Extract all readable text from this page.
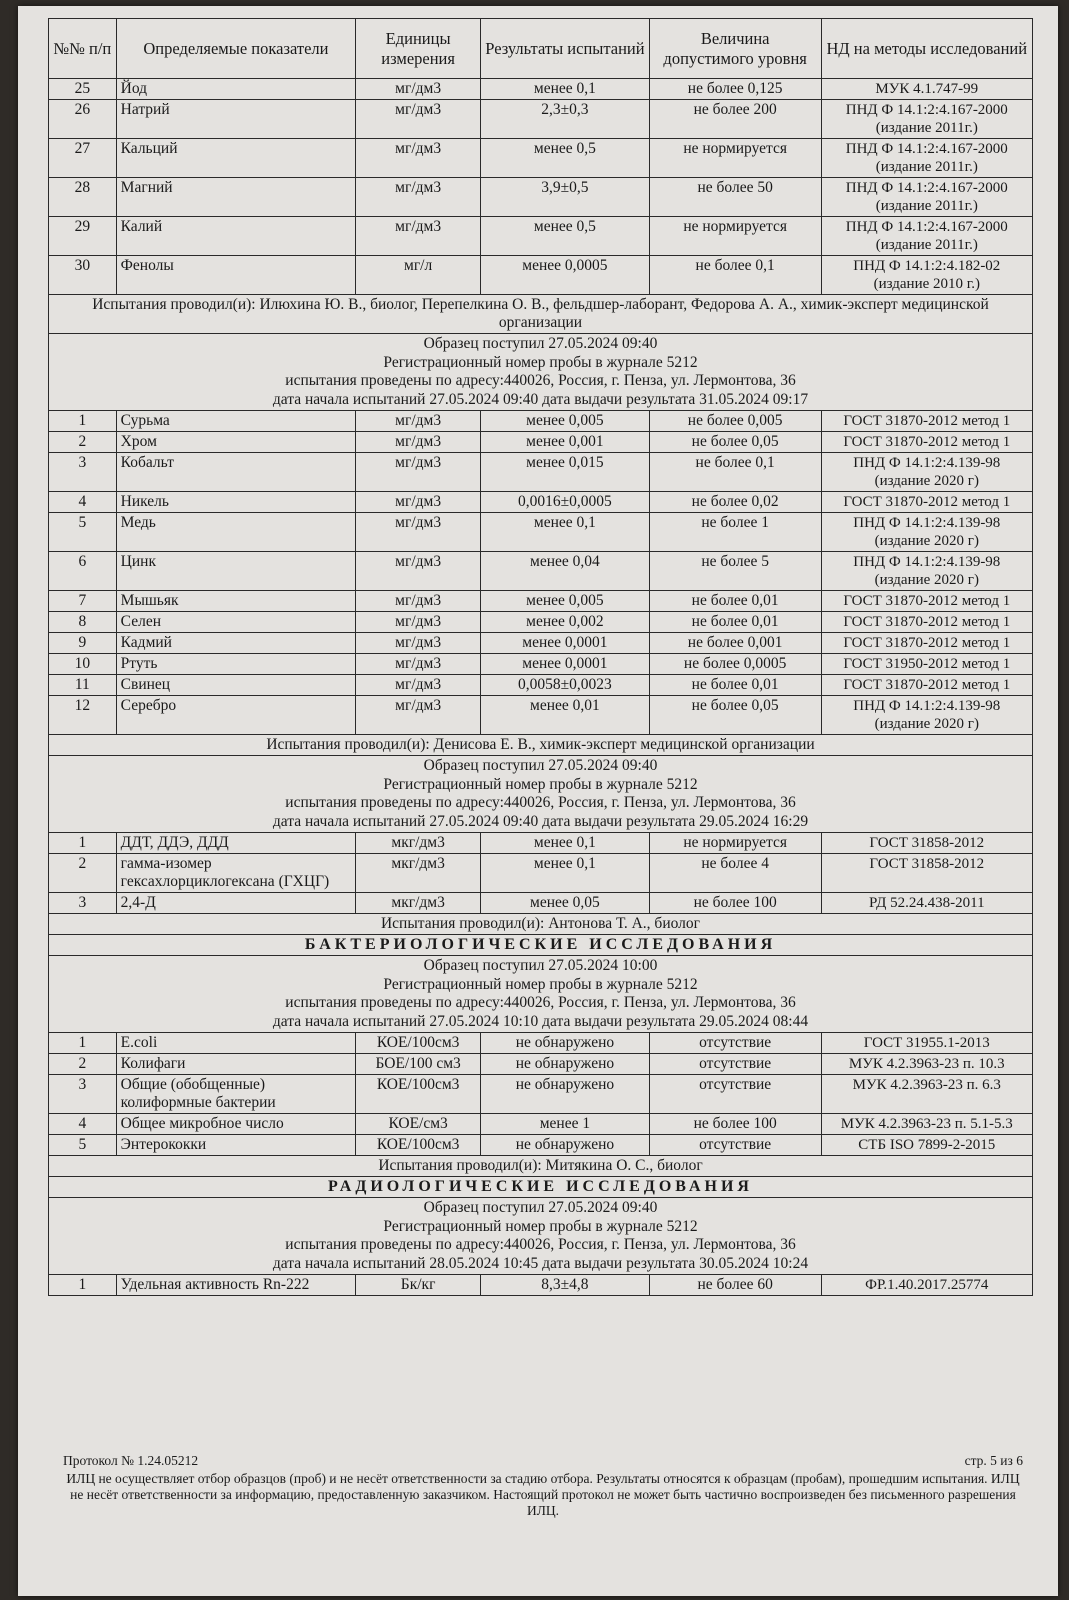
№№ п/п	Определяемые показатели	Единицы измерения	Результаты испытаний	Величина допустимого уровня	НД на методы исследований
25	Йод	мг/дм3	менее 0,1	не более 0,125	МУК 4.1.747-99
26	Натрий	мг/дм3	2,3±0,3	не более 200	ПНД Ф 14.1:2:4.167-2000 (издание 2011г.)
27	Кальций	мг/дм3	менее 0,5	не нормируется	ПНД Ф 14.1:2:4.167-2000 (издание 2011г.)
28	Магний	мг/дм3	3,9±0,5	не более 50	ПНД Ф 14.1:2:4.167-2000 (издание 2011г.)
29	Калий	мг/дм3	менее 0,5	не нормируется	ПНД Ф 14.1:2:4.167-2000 (издание 2011г.)
30	Фенолы	мг/л	менее 0,0005	не более 0,1	ПНД Ф 14.1:2:4.182-02 (издание 2010 г.)
Испытания проводил(и): Илюхина Ю. В., биолог, Перепелкина О. В., фельдшер-лаборант, Федорова А. А., химик-эксперт медицинской организации					

Образец поступил 27.05.2024 09:40
Регистрационный номер пробы в журнале 5212
испытания проведены по адресу:440026, Россия, г. Пенза, ул. Лермонтова, 36
дата начала испытаний 27.05.2024 09:40 дата выдачи результата 31.05.2024 09:17					

1	Сурьма	мг/дм3	менее 0,005	не более 0,005	ГОСТ 31870-2012 метод 1
2	Хром	мг/дм3	менее 0,001	не более 0,05	ГОСТ 31870-2012 метод 1
3	Кобальт	мг/дм3	менее 0,015	не более 0,1	ПНД Ф 14.1:2:4.139-98 (издание 2020 г)
4	Никель	мг/дм3	0,0016±0,0005	не более 0,02	ГОСТ 31870-2012 метод 1
5	Медь	мг/дм3	менее 0,1	не более 1	ПНД Ф 14.1:2:4.139-98 (издание 2020 г)
6	Цинк	мг/дм3	менее 0,04	не более 5	ПНД Ф 14.1:2:4.139-98 (издание 2020 г)
7	Мышьяк	мг/дм3	менее 0,005	не более 0,01	ГОСТ 31870-2012 метод 1
8	Селен	мг/дм3	менее 0,002	не более 0,01	ГОСТ 31870-2012 метод 1
9	Кадмий	мг/дм3	менее 0,0001	не более 0,001	ГОСТ 31870-2012 метод 1
10	Ртуть	мг/дм3	менее 0,0001	не более 0,0005	ГОСТ 31950-2012 метод 1
11	Свинец	мг/дм3	0,0058±0,0023	не более 0,01	ГОСТ 31870-2012 метод 1
12	Серебро	мг/дм3	менее 0,01	не более 0,05	ПНД Ф 14.1:2:4.139-98 (издание 2020 г)
Испытания проводил(и): Денисова Е. В., химик-эксперт медицинской организации					

Образец поступил 27.05.2024 09:40
Регистрационный номер пробы в журнале 5212
испытания проведены по адресу:440026, Россия, г. Пенза, ул. Лермонтова, 36
дата начала испытаний 27.05.2024 09:40 дата выдачи результата 29.05.2024 16:29					

1	ДДТ, ДДЭ, ДДД	мкг/дм3	менее 0,1	не нормируется	ГОСТ 31858-2012
2	гамма-изомер гексахлорциклогексана (ГХЦГ)	мкг/дм3	менее 0,1	не более 4	ГОСТ 31858-2012
3	2,4-Д	мкг/дм3	менее 0,05	не более 100	РД 52.24.438-2011
Испытания проводил(и): Антонова Т. А., биолог					
БАКТЕРИОЛОГИЧЕСКИЕ ИССЛЕДОВАНИЯ					

Образец поступил 27.05.2024 10:00
Регистрационный номер пробы в журнале 5212
испытания проведены по адресу:440026, Россия, г. Пенза, ул. Лермонтова, 36
дата начала испытаний 27.05.2024 10:10 дата выдачи результата 29.05.2024 08:44					

1	E.coli	КОЕ/100см3	не обнаружено	отсутствие	ГОСТ 31955.1-2013
2	Колифаги	БОЕ/100 см3	не обнаружено	отсутствие	МУК 4.2.3963-23 п. 10.3
3	Общие (обобщенные) колиформные бактерии	КОЕ/100см3	не обнаружено	отсутствие	МУК 4.2.3963-23 п. 6.3
4	Общее микробное число	КОЕ/см3	менее 1	не более 100	МУК 4.2.3963-23 п. 5.1-5.3
5	Энтерококки	КОЕ/100см3	не обнаружено	отсутствие	СТБ ISO 7899-2-2015
Испытания проводил(и): Митякина О. С., биолог					
РАДИОЛОГИЧЕСКИЕ ИССЛЕДОВАНИЯ					

Образец поступил 27.05.2024 09:40
Регистрационный номер пробы в журнале 5212
испытания проведены по адресу:440026, Россия, г. Пенза, ул. Лермонтова, 36
дата начала испытаний 28.05.2024 10:45 дата выдачи результата 30.05.2024 10:24					

1	Удельная активность Rn-222	Бк/кг	8,3±4,8	не более 60	ФР.1.40.2017.25774
Протокол № 1.24.05212	стр. 5 из 6

ИЛЦ не осуществляет отбор образцов (проб) и не несёт ответственности за стадию отбора. Результаты относятся к образцам (пробам), прошедшим испытания. ИЛЦ не несёт ответственности за информацию, предоставленную заказчиком. Настоящий протокол не может быть частично воспроизведен без письменного разрешения ИЛЦ.
